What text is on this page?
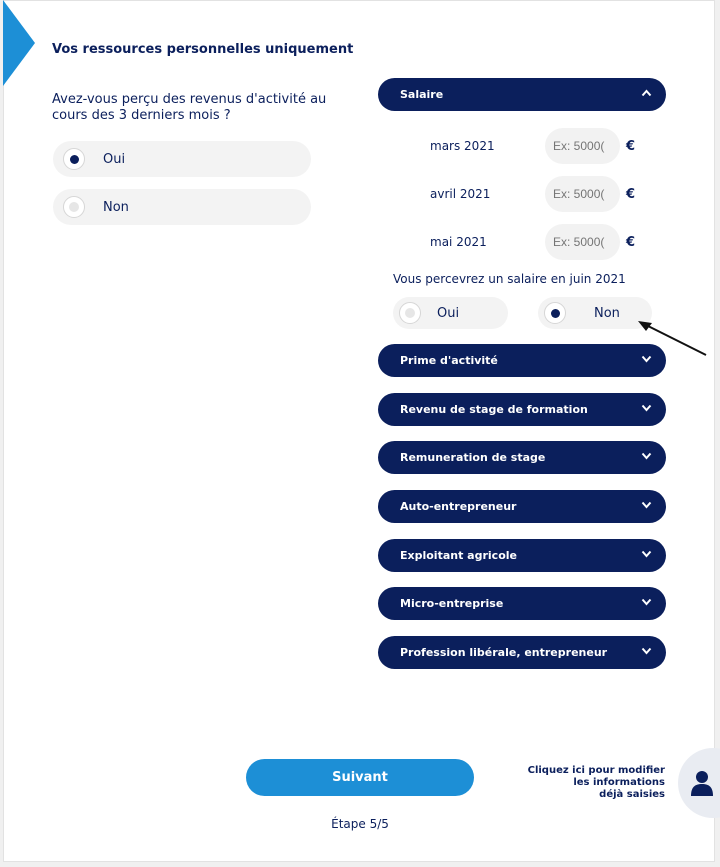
Vos ressources personnelles uniquement
Avez-vous perçu des revenus d'activité au cours des 3 derniers mois ?
Oui
Non
Salaire
mars 2021
Ex: 5000(	€
avril 2021
Ex: 5000(	€
mai 2021
Ex: 5000(	€
Vous percevrez un salaire en juin 2021
Oui	Non
Prime d'activité
Revenu de stage de formation
Remuneration de stage
Auto-entrepreneur
Exploitant agricole
Micro-entreprise
Profession libérale, entrepreneur
Suivant
Étape 5/5
Cliquez ici pour modifier
les informations
déjà saisies
